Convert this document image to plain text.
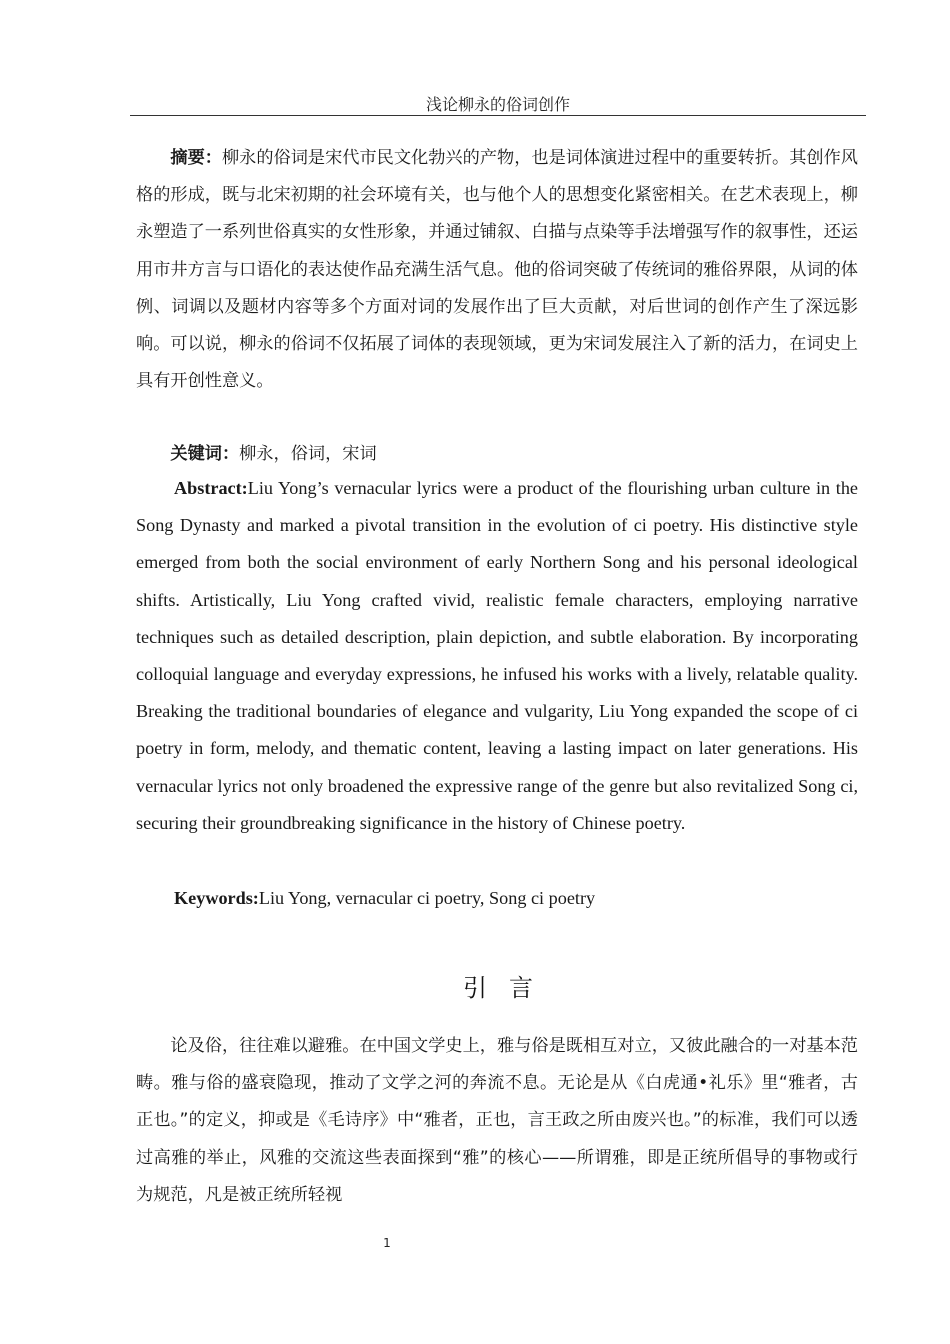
浅论柳永的俗词创作

摘要：柳永的俗词是宋代市民文化勃兴的产物，也是词体演进过程中的重要转折。其创作风格的形成，既与北宋初期的社会环境有关，也与他个人的思想变化紧密相关。在艺术表现上，柳永塑造了一系列世俗真实的女性形象，并通过铺叙、白描与点染等手法增强写作的叙事性，还运用市井方言与口语化的表达使作品充满生活气息。他的俗词突破了传统词的雅俗界限，从词的体例、词调以及题材内容等多个方面对词的发展作出了巨大贡献，对后世词的创作产生了深远影响。可以说，柳永的俗词不仅拓展了词体的表现领域，更为宋词发展注入了新的活力，在词史上具有开创性意义。

关键词：柳永，俗词，宋词

Abstract:Liu Yong’s vernacular lyrics were a product of the flourishing urban culture in the Song Dynasty and marked a pivotal transition in the evolution of ci poetry. His distinctive style emerged from both the social environment of early Northern Song and his personal ideological shifts. Artistically, Liu Yong crafted vivid, realistic female characters, employing narrative techniques such as detailed description, plain depiction, and subtle elaboration. By incorporating colloquial language and everyday expressions, he infused his works with a lively, relatable quality. Breaking the traditional boundaries of elegance and vulgarity, Liu Yong expanded the scope of ci poetry in form, melody, and thematic content, leaving a lasting impact on later generations. His vernacular lyrics not only broadened the expressive range of the genre but also revitalized Song ci, securing their groundbreaking significance in the history of Chinese poetry.

Keywords:Liu Yong, vernacular ci poetry, Song ci poetry

引言

论及俗，往往难以避雅。在中国文学史上，雅与俗是既相互对立，又彼此融合的一对基本范畴。雅与俗的盛衰隐现，推动了文学之河的奔流不息。无论是从《白虎通•礼乐》里“雅者，古正也。”的定义，抑或是《毛诗序》中“雅者，正也，言王政之所由废兴也。”的标准，我们可以透过高雅的举止，风雅的交流这些表面探到“雅”的核心——所谓雅，即是正统所倡导的事物或行为规范，凡是被正统所轻视

1
